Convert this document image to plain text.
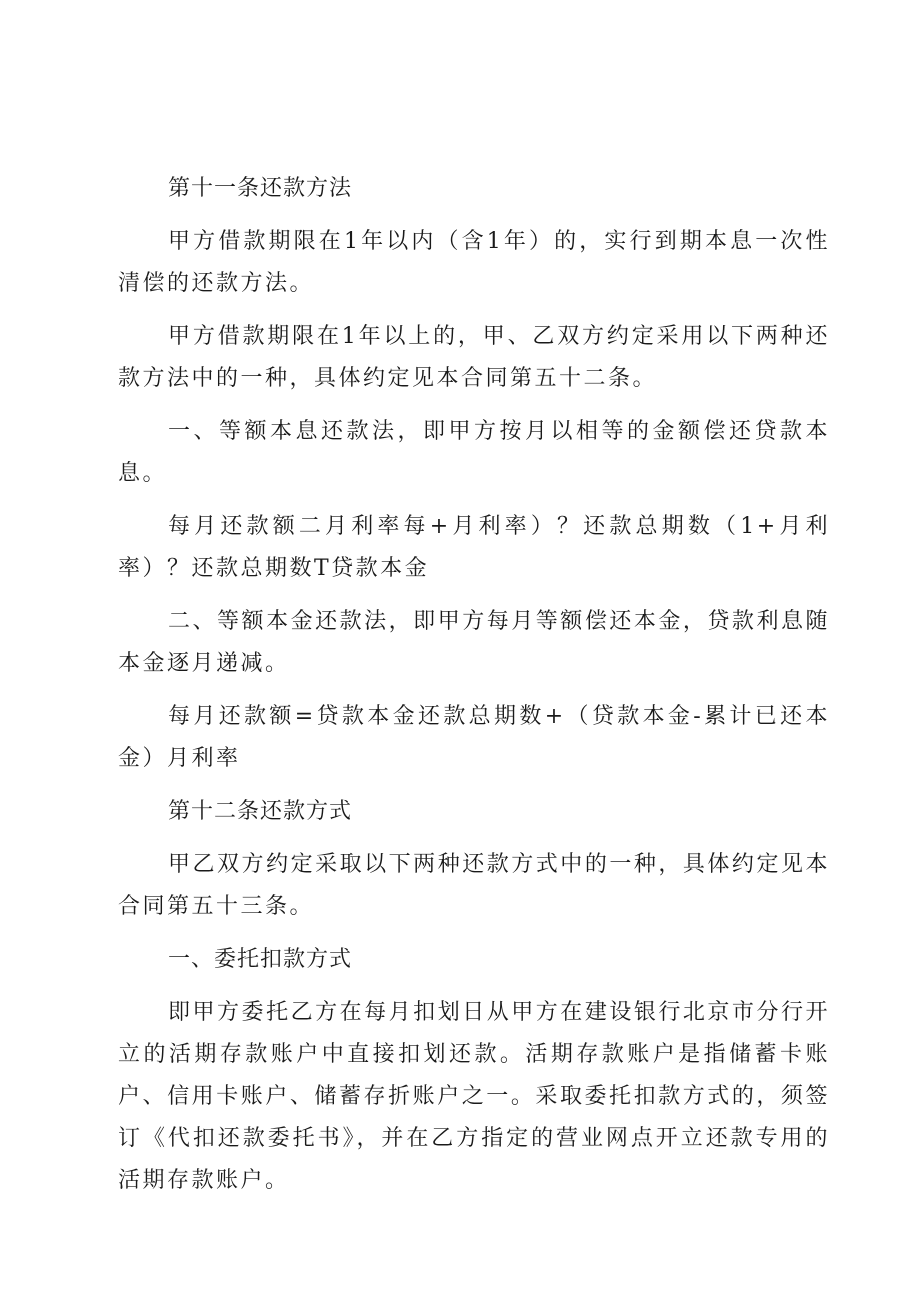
第十一条还款方法

甲方借款期限在1年以内（含1年）的，实行到期本息一次性清偿的还款方法。

甲方借款期限在1年以上的，甲、乙双方约定采用以下两种还款方法中的一种，具体约定见本合同第五十二条。

一、等额本息还款法，即甲方按月以相等的金额偿还贷款本息。

每月还款额二月利率每+月利率）？还款总期数（1+月利率）？还款总期数T贷款本金

二、等额本金还款法，即甲方每月等额偿还本金，贷款利息随本金逐月递减。

每月还款额=贷款本金还款总期数+（贷款本金-累计已还本金）月利率

第十二条还款方式

甲乙双方约定采取以下两种还款方式中的一种，具体约定见本合同第五十三条。

一、委托扣款方式

即甲方委托乙方在每月扣划日从甲方在建设银行北京市分行开立的活期存款账户中直接扣划还款。活期存款账户是指储蓄卡账户、信用卡账户、储蓄存折账户之一。采取委托扣款方式的，须签订《代扣还款委托书》，并在乙方指定的营业网点开立还款专用的活期存款账户。
